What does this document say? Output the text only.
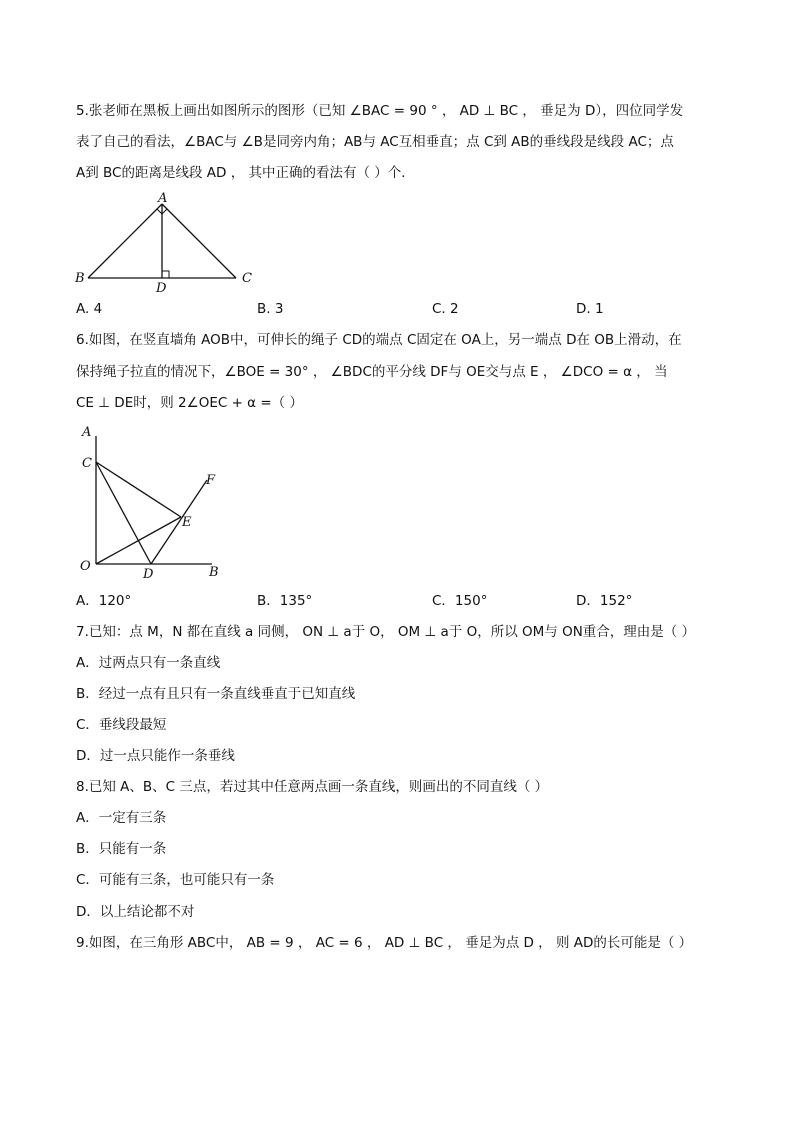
5.张老师在黑板上画出如图所示的图形（已知 ∠BAC = 90 ° ， AD ⊥ BC ， 垂足为 D），四位同学发
表了自己的看法，∠BAC与 ∠B是同旁内角；AB与 AC互相垂直；点 C到 AB的垂线段是线段 AC；点
A到 BC的距离是线段 AD ， 其中正确的看法有（ ）个．
A
B	C
D
A. 4	B. 3	C. 2	D. 1
6.如图，在竖直墙角 AOB中，可伸长的绳子 CD的端点 C固定在 OA上，另一端点 D在 OB上滑动，在
保持绳子拉直的情况下，∠BOE = 30° ， ∠BDC的平分线 DF与 OE交与点 E ， ∠DCO = α ， 当
CE ⊥ DE时，则 2∠OEC + α =（ ）
A
C
F
E
O
D	B
A．120°	B．135°	C．150°	D．152°
7.已知：点 M，N 都在直线 a 同侧， ON ⊥ a于 O， OM ⊥ a于 O，所以 OM与 ON重合，理由是（ ）
A．过两点只有一条直线
B．经过一点有且只有一条直线垂直于已知直线
C．垂线段最短
D．过一点只能作一条垂线
8.已知 A、B、C 三点，若过其中任意两点画一条直线，则画出的不同直线（ ）
A．一定有三条
B．只能有一条
C．可能有三条，也可能只有一条
D．以上结论都不对
9.如图，在三角形 ABC中， AB = 9 ， AC = 6 ， AD ⊥ BC ， 垂足为点 D ， 则 AD的长可能是（ ）
